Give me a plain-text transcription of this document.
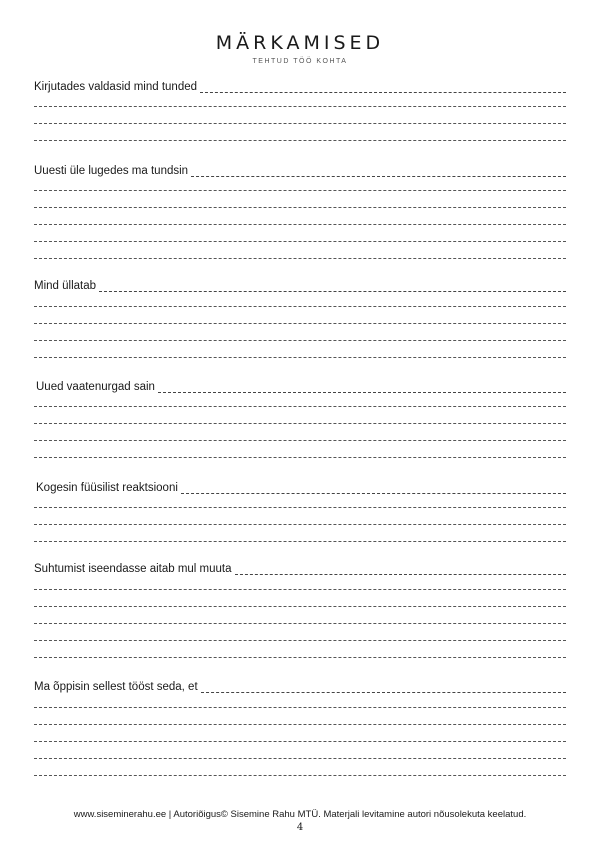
MÄRKAMISED
TEHTUD TÖÖ KOHTA
Kirjutades valdasid mind tunded
Uuesti üle lugedes ma tundsin
Mind üllatab
Uued vaatenurgad sain
Kogesin füüsilist reaktsiooni
Suhtumist iseendasse aitab mul muuta
Ma õppisin sellest tööst seda, et
www.siseminerahu.ee | Autoriõigus© Sisemine Rahu MTÜ. Materjali levitamine autori nõusolekuta keelatud.
4
